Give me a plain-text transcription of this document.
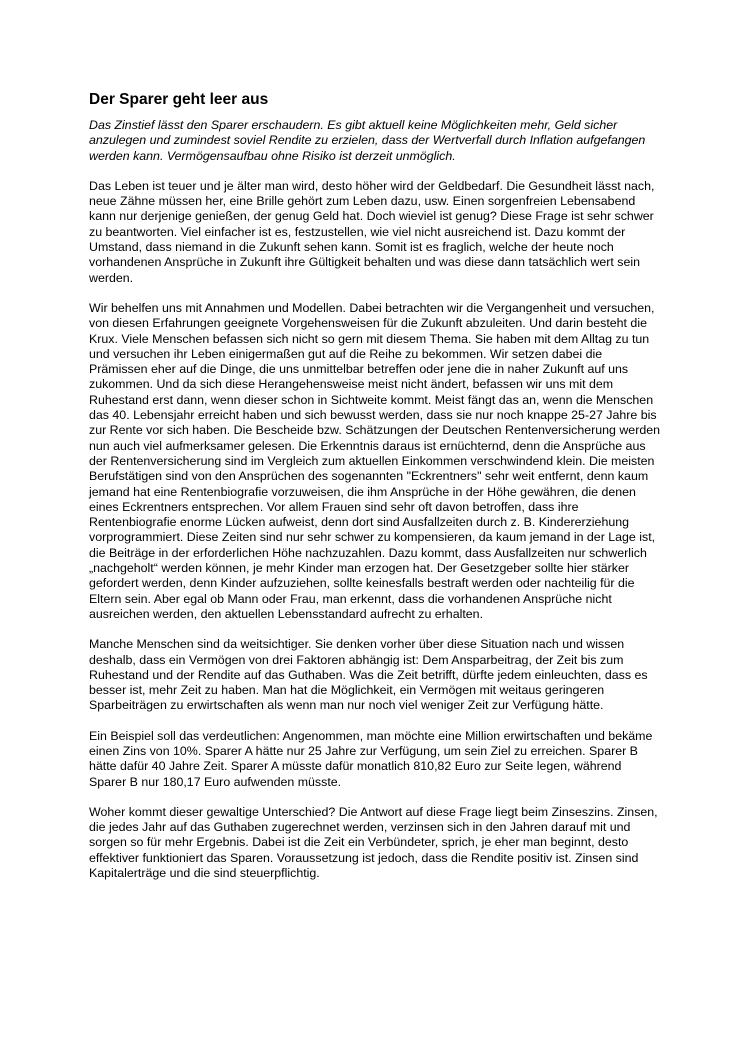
Der Sparer geht leer aus

Das Zinstief lässt den Sparer erschaudern. Es gibt aktuell keine Möglichkeiten mehr, Geld sicher anzulegen und zumindest soviel Rendite zu erzielen, dass der Wertverfall durch Inflation aufgefangen werden kann. Vermögensaufbau ohne Risiko ist derzeit unmöglich.

Das Leben ist teuer und je älter man wird, desto höher wird der Geldbedarf. Die Gesundheit lässt nach, neue Zähne müssen her, eine Brille gehört zum Leben dazu, usw. Einen sorgenfreien Lebensabend kann nur derjenige genießen, der genug Geld hat. Doch wieviel ist genug? Diese Frage ist sehr schwer zu beantworten. Viel einfacher ist es, festzustellen, wie viel nicht ausreichend ist. Dazu kommt der Umstand, dass niemand in die Zukunft sehen kann. Somit ist es fraglich, welche der heute noch vorhandenen Ansprüche in Zukunft ihre Gültigkeit behalten und was diese dann tatsächlich wert sein werden.

Wir behelfen uns mit Annahmen und Modellen. Dabei betrachten wir die Vergangenheit und versuchen, von diesen Erfahrungen geeignete Vorgehensweisen für die Zukunft abzuleiten. Und darin besteht die Krux. Viele Menschen befassen sich nicht so gern mit diesem Thema. Sie haben mit dem Alltag zu tun und versuchen ihr Leben einigermaßen gut auf die Reihe zu bekommen. Wir setzen dabei die Prämissen eher auf die Dinge, die uns unmittelbar betreffen oder jene die in naher Zukunft auf uns zukommen. Und da sich diese Herangehensweise meist nicht ändert, befassen wir uns mit dem Ruhestand erst dann, wenn dieser schon in Sichtweite kommt. Meist fängt das an, wenn die Menschen das 40. Lebensjahr erreicht haben und sich bewusst werden, dass sie nur noch knappe 25-27 Jahre bis zur Rente vor sich haben. Die Bescheide bzw. Schätzungen der Deutschen Rentenversicherung werden nun auch viel aufmerksamer gelesen. Die Erkenntnis daraus ist ernüchternd, denn die Ansprüche aus der Rentenversicherung sind im Vergleich zum aktuellen Einkommen verschwindend klein. Die meisten Berufstätigen sind von den Ansprüchen des sogenannten "Eckrentners" sehr weit entfernt, denn kaum jemand hat eine Rentenbiografie vorzuweisen, die ihm Ansprüche in der Höhe gewähren, die denen eines Eckrentners entsprechen. Vor allem Frauen sind sehr oft davon betroffen, dass ihre Rentenbiografie enorme Lücken aufweist, denn dort sind Ausfallzeiten durch z. B. Kindererziehung vorprogrammiert. Diese Zeiten sind nur sehr schwer zu kompensieren, da kaum jemand in der Lage ist, die Beiträge in der erforderlichen Höhe nachzuzahlen. Dazu kommt, dass Ausfallzeiten nur schwerlich „nachgeholt“ werden können, je mehr Kinder man erzogen hat. Der Gesetzgeber sollte hier stärker gefordert werden, denn Kinder aufzuziehen, sollte keinesfalls bestraft werden oder nachteilig für die Eltern sein. Aber egal ob Mann oder Frau, man erkennt, dass die vorhandenen Ansprüche nicht ausreichen werden, den aktuellen Lebensstandard aufrecht zu erhalten.

Manche Menschen sind da weitsichtiger. Sie denken vorher über diese Situation nach und wissen deshalb, dass ein Vermögen von drei Faktoren abhängig ist: Dem Ansparbeitrag, der Zeit bis zum Ruhestand und der Rendite auf das Guthaben. Was die Zeit betrifft, dürfte jedem einleuchten, dass es besser ist, mehr Zeit zu haben. Man hat die Möglichkeit, ein Vermögen mit weitaus geringeren Sparbeiträgen zu erwirtschaften als wenn man nur noch viel weniger Zeit zur Verfügung hätte.

Ein Beispiel soll das verdeutlichen: Angenommen, man möchte eine Million erwirtschaften und bekäme einen Zins von 10%. Sparer A hätte nur 25 Jahre zur Verfügung, um sein Ziel zu erreichen. Sparer B hätte dafür 40 Jahre Zeit. Sparer A müsste dafür monatlich 810,82 Euro zur Seite legen, während Sparer B nur 180,17 Euro aufwenden müsste.

Woher kommt dieser gewaltige Unterschied? Die Antwort auf diese Frage liegt beim Zinseszins. Zinsen, die jedes Jahr auf das Guthaben zugerechnet werden, verzinsen sich in den Jahren darauf mit und sorgen so für mehr Ergebnis. Dabei ist die Zeit ein Verbündeter, sprich, je eher man beginnt, desto effektiver funktioniert das Sparen. Voraussetzung ist jedoch, dass die Rendite positiv ist. Zinsen sind Kapitalerträge und die sind steuerpflichtig.
